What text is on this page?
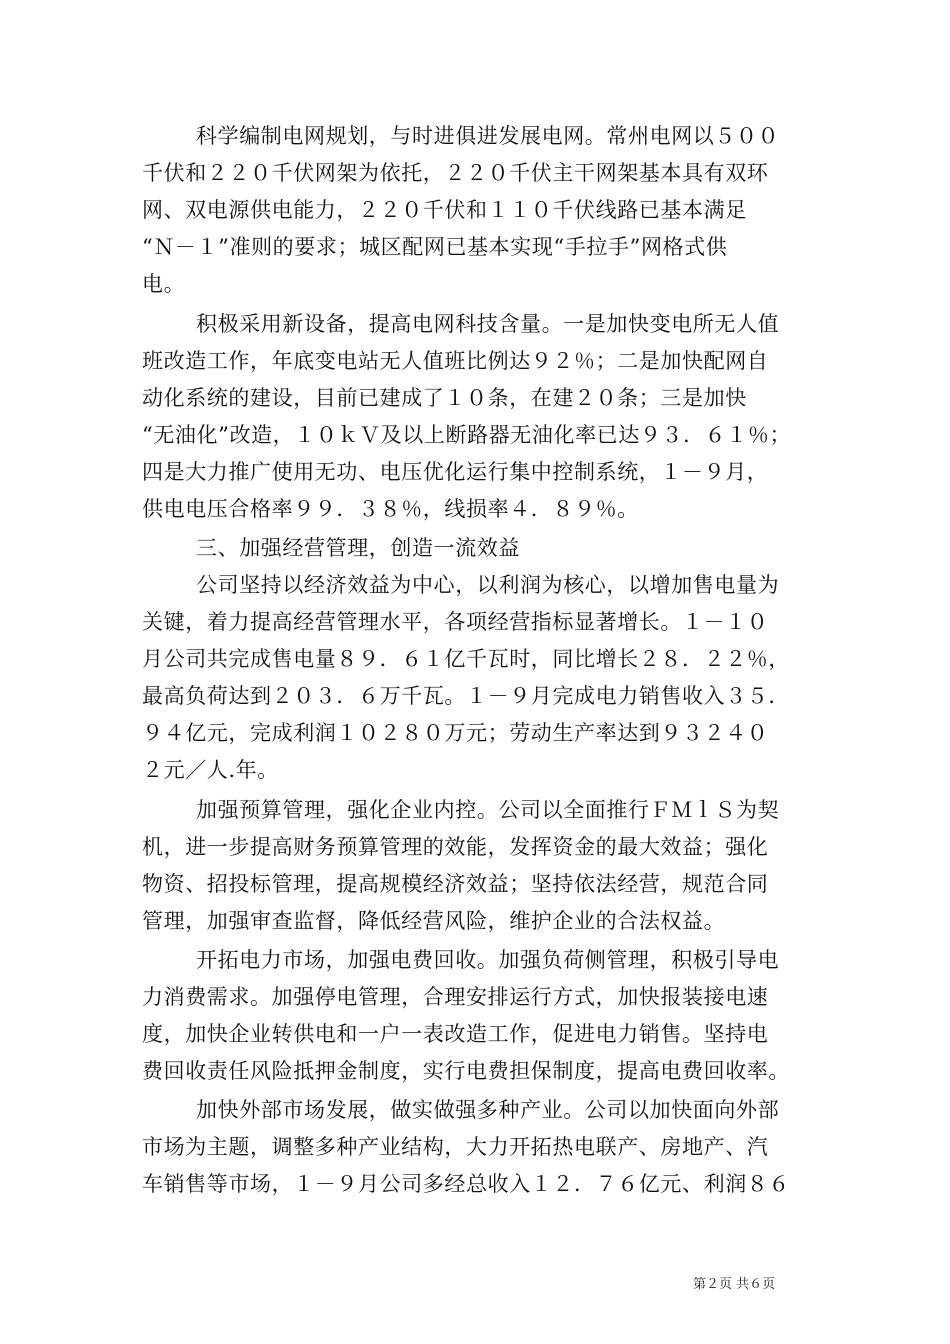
科学编制电网规划，与时进俱进发展电网。常州电网以５００
千伏和２２０千伏网架为依托，２２０千伏主干网架基本具有双环
网、双电源供电能力，２２０千伏和１１０千伏线路已基本满足
“Ｎ－１”准则的要求；城区配网已基本实现“手拉手”网格式供
电。
积极采用新设备，提高电网科技含量。一是加快变电所无人值
班改造工作，年底变电站无人值班比例达９２％；二是加快配网自
动化系统的建设，目前已建成了１０条，在建２０条；三是加快
“无油化”改造，１０ｋＶ及以上断路器无油化率已达９３．６１％；
四是大力推广使用无功、电压优化运行集中控制系统，１－９月，
供电电压合格率９９．３８％，线损率４．８９％。
三、加强经营管理，创造一流效益
公司坚持以经济效益为中心，以利润为核心，以增加售电量为
关键，着力提高经营管理水平，各项经营指标显著增长。１－１０
月公司共完成售电量８９．６１亿千瓦时，同比增长２８．２２％，
最高负荷达到２０３．６万千瓦。１－９月完成电力销售收入３５．
９４亿元，完成利润１０２８０万元；劳动生产率达到９３２４０
２元／人.年。
加强预算管理，强化企业内控。公司以全面推行ＦＭｌＳ为契
机，进一步提高财务预算管理的效能，发挥资金的最大效益；强化
物资、招投标管理，提高规模经济效益；坚持依法经营，规范合同
管理，加强审查监督，降低经营风险，维护企业的合法权益。
开拓电力市场，加强电费回收。加强负荷侧管理，积极引导电
力消费需求。加强停电管理，合理安排运行方式，加快报装接电速
度，加快企业转供电和一户一表改造工作，促进电力销售。坚持电
费回收责任风险抵押金制度，实行电费担保制度，提高电费回收率。
加快外部市场发展，做实做强多种产业。公司以加快面向外部
市场为主题，调整多种产业结构，大力开拓热电联产、房地产、汽
车销售等市场，１－９月公司多经总收入１２．７６亿元、利润８６
第２页 共６页
